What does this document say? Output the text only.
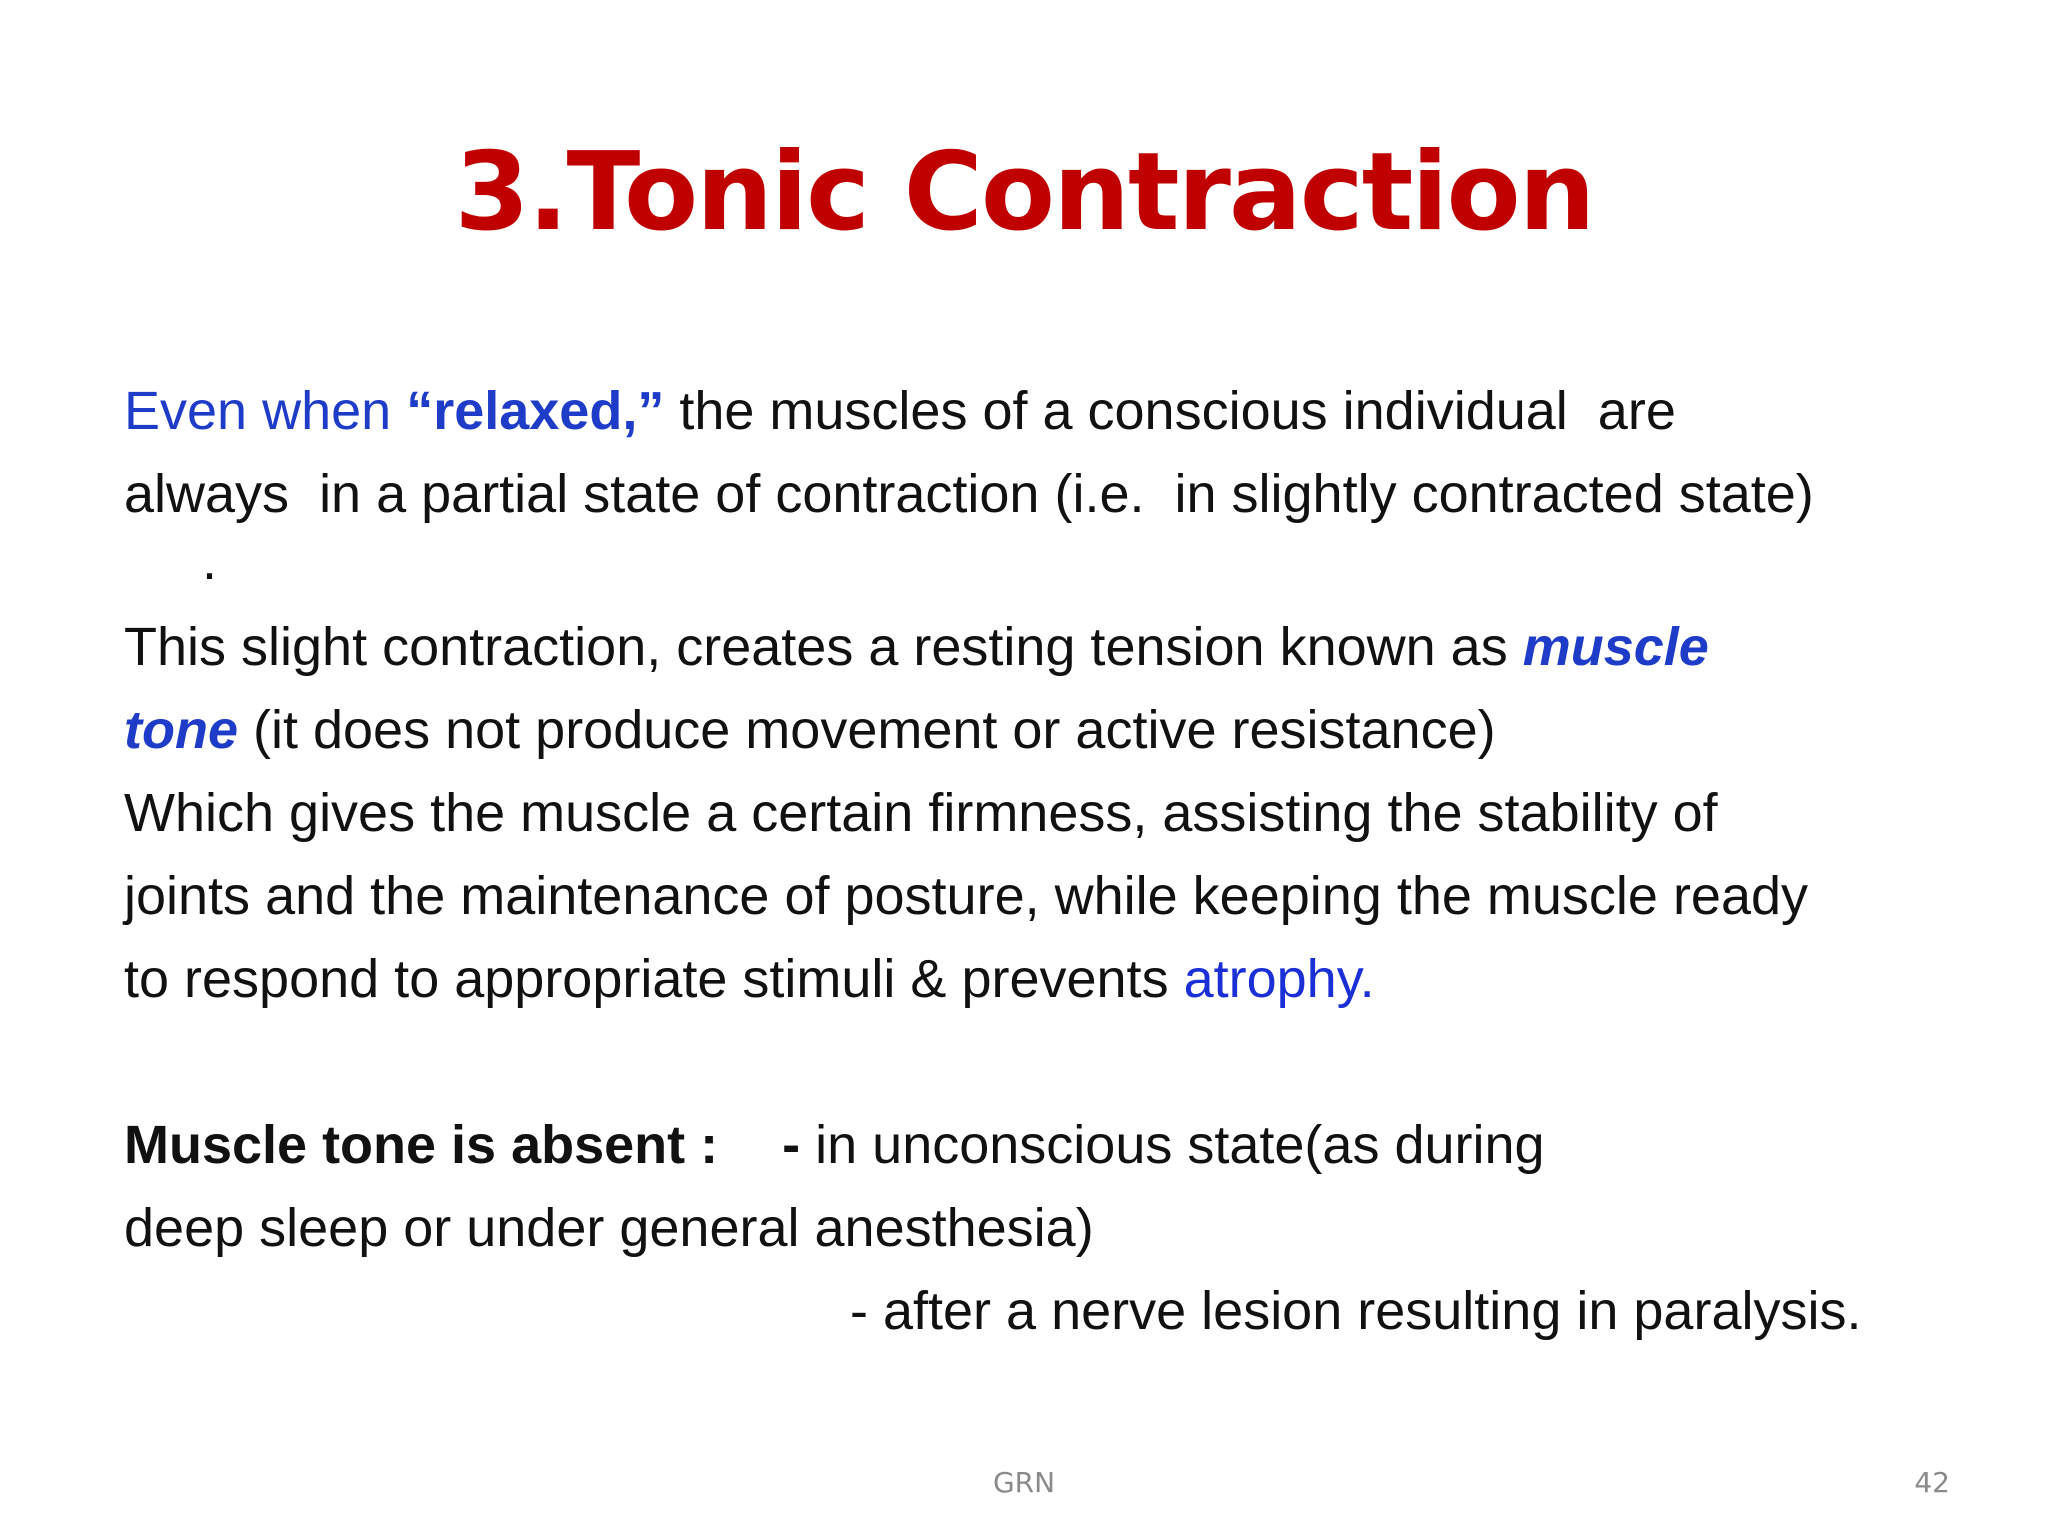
3.Tonic Contraction
Even when “relaxed,” the muscles of a conscious individual  are
always  in a partial state of contraction (i.e.  in slightly contracted state)
.
This slight contraction, creates a resting tension known as muscle
tone (it does not produce movement or active resistance)
Which gives the muscle a certain firmness, assisting the stability of
joints and the maintenance of posture, while keeping the muscle ready
to respond to appropriate stimuli & prevents atrophy.
Muscle tone is absent : - in unconscious state(as during
deep sleep or under general anesthesia)
- after a nerve lesion resulting in paralysis.
GRN	42
